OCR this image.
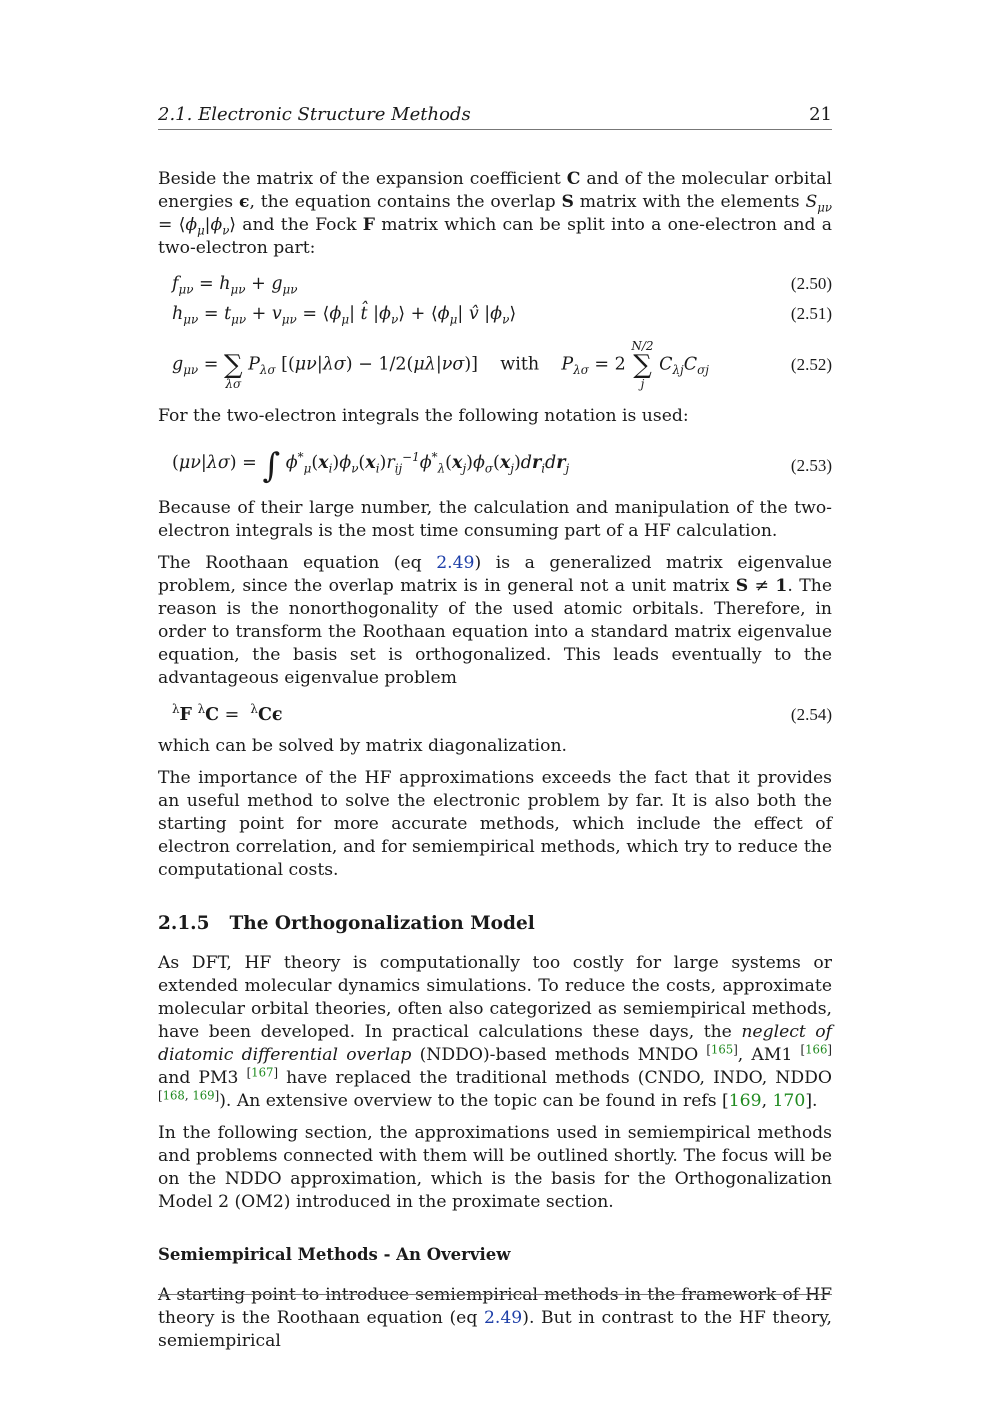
2.1. Electronic Structure Methods	21

Beside the matrix of the expansion coefficient C and of the molecular orbital energies ϵ, the equation contains the overlap S matrix with the elements $S_{\mu\nu}$ = $⟨\phi_\mu|\phi_\nu⟩$ and the Fock F matrix which can be split into a one-electron and a two-electron part:

$f_{\mu\nu} = h_{\mu\nu} + g_{\mu\nu}$	(2.50)
$h_{\mu\nu} = t_{\mu\nu} + v_{\mu\nu}$ = $⟨\phi_\mu|$ t̂ $|\phi_\nu⟩$ + $⟨\phi_\mu|$ v̂ $|\phi_\nu⟩$	(2.51)
$g_{\mu\nu}$ =
∑
λσ
$P_{\lambda\sigma}$ [(μν|λσ) − 1/2(μλ|νσ)] with    $P_{\lambda\sigma} = 2$
N/2
∑
j
$C_{\lambda j}C_{\sigma j}$	(2.52)

For the two-electron integrals the following notation is used:

(μν|λσ) = ∫ $\phi^*_\mu(x_i)\phi_\nu(x_i)r_{ij}^{-1}\phi^*_\lambda(x_j)\phi_\sigma(x_j)dr_idr_j$	(2.53)

Because of their large number, the calculation and manipulation of the two-electron integrals is the most time consuming part of a HF calculation.

The Roothaan equation (eq 2.49) is a generalized matrix eigenvalue problem, since the overlap matrix is in general not a unit matrix S ≠ 1. The reason is the nonorthogonality of the used atomic orbitals. Therefore, in order to transform the Roothaan equation into a standard matrix eigenvalue equation, the basis set is orthogonalized. This leads eventually to the advantageous eigenvalue problem

$^\lambda$F $^\lambda$C =  $^\lambda$Cϵ	(2.54)

which can be solved by matrix diagonalization.

The importance of the HF approximations exceeds the fact that it provides an useful method to solve the electronic problem by far. It is also both the starting point for more accurate methods, which include the effect of electron correlation, and for semiempirical methods, which try to reduce the computational costs.

2.1.5 The Orthogonalization Model

As DFT, HF theory is computationally too costly for large systems or extended molecular dynamics simulations. To reduce the costs, approximate molecular orbital theories, often also categorized as semiempirical methods, have been developed. In practical calculations these days, the neglect of diatomic differential overlap (NDDO)-based methods MNDO [165], AM1 [166] and PM3 [167] have replaced the traditional methods (CNDO, INDO, NDDO [168, 169]). An extensive overview to the topic can be found in refs [169, 170].

In the following section, the approximations used in semiempirical methods and problems connected with them will be outlined shortly. The focus will be on the NDDO approximation, which is the basis for the Orthogonalization Model 2 (OM2) introduced in the proximate section.

Semiempirical Methods - An Overview

A starting point to introduce semiempirical methods in the framework of HF theory is the Roothaan equation (eq 2.49). But in contrast to the HF theory, semiempirical
